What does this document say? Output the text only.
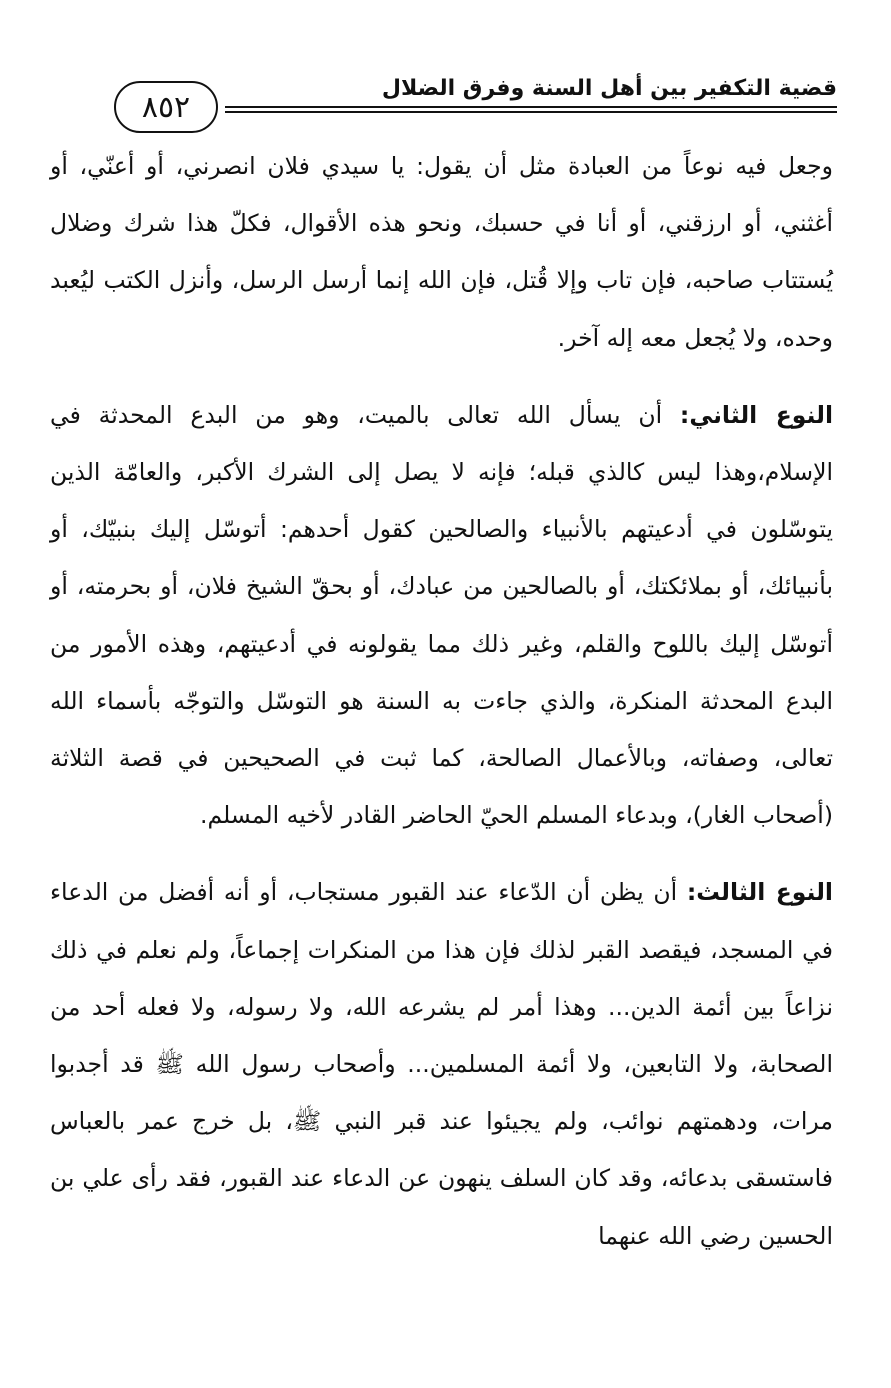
قضية التكفير بين أهل السنة وفرق الضلال
٨٥٢

وجعل فيه نوعاً من العبادة مثل أن يقول: يا سيدي فلان انصرني، أو أعنّي، أو أغثني، أو ارزقني، أو أنا في حسبك، ونحو هذه الأقوال، فكلّ هذا شرك وضلال يُستتاب صاحبه، فإن تاب وإلا قُتل، فإن الله إنما أرسل الرسل، وأنزل الكتب ليُعبد وحده، ولا يُجعل معه إله آخر.

النوع الثاني: أن يسأل الله تعالى بالميت، وهو من البدع المحدثة في الإسلام،وهذا ليس كالذي قبله؛ فإنه لا يصل إلى الشرك الأكبر، والعامّة الذين يتوسّلون في أدعيتهم بالأنبياء والصالحين كقول أحدهم: أتوسّل إليك بنبيّك، أو بأنبيائك، أو بملائكتك، أو بالصالحين من عبادك، أو بحقّ الشيخ فلان، أو بحرمته، أو أتوسّل إليك باللوح والقلم، وغير ذلك مما يقولونه في أدعيتهم، وهذه الأمور من البدع المحدثة المنكرة، والذي جاءت به السنة هو التوسّل والتوجّه بأسماء الله تعالى، وصفاته، وبالأعمال الصالحة، كما ثبت في الصحيحين في قصة الثلاثة (أصحاب الغار)، وبدعاء المسلم الحيّ الحاضر القادر لأخيه المسلم.

النوع الثالث: أن يظن أن الدّعاء عند القبور مستجاب، أو أنه أفضل من الدعاء في المسجد، فيقصد القبر لذلك فإن هذا من المنكرات إجماعاً، ولم نعلم في ذلك نزاعاً بين أئمة الدين... وهذا أمر لم يشرعه الله، ولا رسوله، ولا فعله أحد من الصحابة، ولا التابعين، ولا أئمة المسلمين... وأصحاب رسول الله ﷺ قد أجدبوا مرات، ودهمتهم نوائب، ولم يجيئوا عند قبر النبي ﷺ، بل خرج عمر بالعباس فاستسقى بدعائه، وقد كان السلف ينهون عن الدعاء عند القبور، فقد رأى علي بن الحسين رضي الله عنهما
